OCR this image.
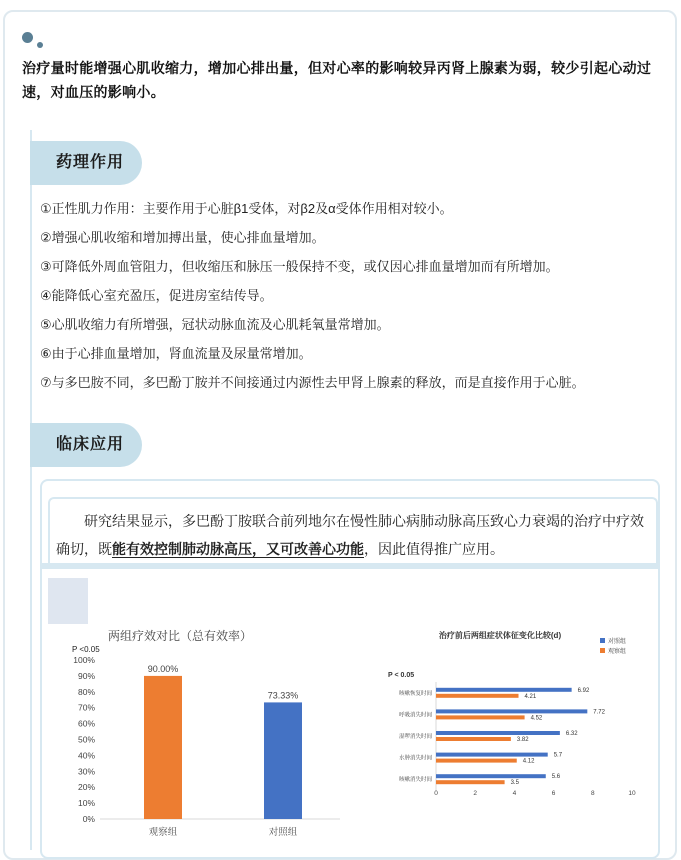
治疗量时能增强心肌收缩力，增加心排出量，但对心率的影响较异丙肾上腺素为弱，较少引起心动过速，对血压的影响小。
药理作用
①正性肌力作用：主要作用于心脏β1受体，对β2及α受体作用相对较小。
②增强心肌收缩和增加搏出量，使心排血量增加。
③可降低外周血管阻力，但收缩压和脉压一般保持不变，或仅因心排血量增加而有所增加。
④能降低心室充盈压，促进房室结传导。
⑤心肌收缩力有所增强，冠状动脉血流及心肌耗氧量常增加。
⑥由于心排血量增加，肾血流量及尿量常增加。
⑦与多巴胺不同，多巴酚丁胺并不间接通过内源性去甲肾上腺素的释放，而是直接作用于心脏。
临床应用
研究结果显示，多巴酚丁胺联合前列地尔在慢性肺心病肺动脉高压致心力衰竭的治疗中疗效确切，既能有效控制肺动脉高压，又可改善心功能，因此值得推广应用。
两组疗效对比（总有效率）
P <0.05
0%
10%
20%
30%
40%
50%
60%
70%
80%
90%
100%
90.00%
观察组
73.33%
对照组
治疗前后两组症状体征变化比较(d)
对照组
观察组
P < 0.05
咳嗽恢复时间	6.92
4.21
呼吸消失时间	7.72
4.52
湿啰消失时间	6.32
3.82
水肿消失时间	5.7
4.12
咳嗽消失时间	5.6
3.5
0	2	4	6	8	10
